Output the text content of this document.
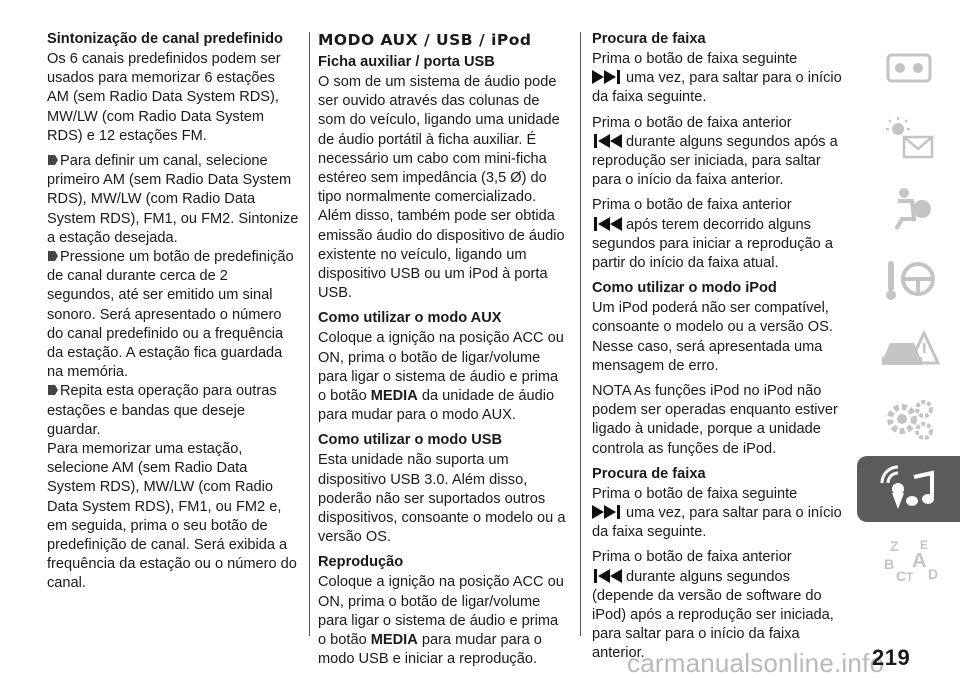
Sintonização de canal predefinido

Os 6 canais predefinidos podem ser usados para memorizar 6 estações AM (sem Radio Data System RDS), MW/LW (com Radio Data System RDS) e 12 estações FM.

Para definir um canal, selecione primeiro AM (sem Radio Data System RDS), MW/LW (com Radio Data System RDS), FM1, ou FM2. Sintonize a estação desejada.

Pressione um botão de predefinição de canal durante cerca de 2 segundos, até ser emitido um sinal sonoro. Será apresentado o número do canal predefinido ou a frequência da estação. A estação fica guardada na memória.

Repita esta operação para outras estações e bandas que deseje guardar.

Para memorizar uma estação, selecione AM (sem Radio Data System RDS), MW/LW (com Radio Data System RDS), FM1, ou FM2 e, em seguida, prima o seu botão de predefinição de canal. Será exibida a frequência da estação ou o número do canal.

MODO AUX / USB / iPod
Ficha auxiliar / porta USB

O som de um sistema de áudio pode ser ouvido através das colunas de som do veículo, ligando uma unidade de áudio portátil à ficha auxiliar. É necessário um cabo com mini-ficha estéreo sem impedância (3,5 Ø) do tipo normalmente comercializado. Além disso, também pode ser obtida emissão áudio do dispositivo de áudio existente no veículo, ligando um dispositivo USB ou um iPod à porta USB.

Como utilizar o modo AUX

Coloque a ignição na posição ACC ou ON, prima o botão de ligar/volume para ligar o sistema de áudio e prima o botão MEDIA da unidade de áudio para mudar para o modo AUX.

Como utilizar o modo USB

Esta unidade não suporta um dispositivo USB 3.0. Além disso, poderão não ser suportados outros dispositivos, consoante o modelo ou a versão OS.

Reprodução

Coloque a ignição na posição ACC ou ON, prima o botão de ligar/volume para ligar o sistema de áudio e prima o botão MEDIA para mudar para o modo USB e iniciar a reprodução.

Procura de faixa

Prima o botão de faixa seguinte
uma vez, para saltar para o início da faixa seguinte.

Prima o botão de faixa anterior
durante alguns segundos após a reprodução ser iniciada, para saltar para o início da faixa anterior.

Prima o botão de faixa anterior
após terem decorrido alguns segundos para iniciar a reprodução a partir do início da faixa atual.

Como utilizar o modo iPod

Um iPod poderá não ser compatível, consoante o modelo ou a versão OS. Nesse caso, será apresentada uma mensagem de erro.

NOTA As funções iPod no iPod não podem ser operadas enquanto estiver ligado à unidade, porque a unidade controla as funções de iPod.

Procura de faixa

Prima o botão de faixa seguinte
uma vez, para saltar para o início da faixa seguinte.

Prima o botão de faixa anterior
durante alguns segundos (depende da versão de software do iPod) após a reprodução ser iniciada, para saltar para o início da faixa anterior.

Z E
B A
C T D
carmanualsonline.info
219
